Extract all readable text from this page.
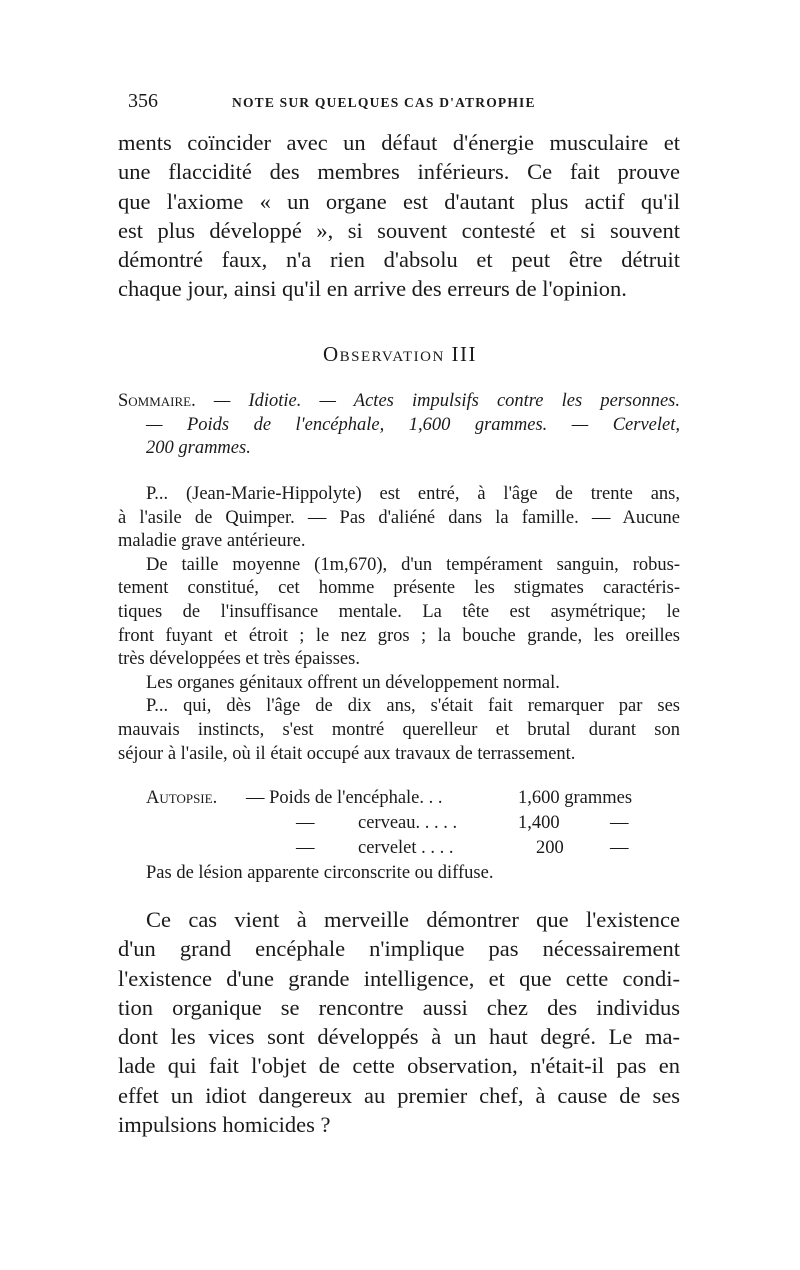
356	NOTE SUR QUELQUES CAS D'ATROPHIE
ments coïncider avec un défaut d'énergie musculaire et
une flaccidité des membres inférieurs. Ce fait prouve
que l'axiome « un organe est d'autant plus actif qu'il
est plus développé », si souvent contesté et si souvent
démontré faux, n'a rien d'absolu et peut être détruit
chaque jour, ainsi qu'il en arrive des erreurs de l'opinion.
Observation III
Sommaire. — Idiotie. — Actes impulsifs contre les personnes.
— Poids de l'encéphale, 1,600 grammes. — Cervelet,
200 grammes.
P... (Jean-Marie-Hippolyte) est entré, à l'âge de trente ans,
à l'asile de Quimper. — Pas d'aliéné dans la famille. — Aucune
maladie grave antérieure.
De taille moyenne (1m,670), d'un tempérament sanguin, robus-
tement constitué, cet homme présente les stigmates caractéris-
tiques de l'insuffisance mentale. La tête est asymétrique; le
front fuyant et étroit ; le nez gros ; la bouche grande, les oreilles
très développées et très épaisses.
Les organes génitaux offrent un développement normal.
P... qui, dès l'âge de dix ans, s'était fait remarquer par ses
mauvais instincts, s'est montré querelleur et brutal durant son
séjour à l'asile, où il était occupé aux travaux de terrassement.
Autopsie. — Poids de l'encéphale. . .	1,600 grammes
— cerveau. . . . .	1,400	—
— cervelet . . . .	200	—
Pas de lésion apparente circonscrite ou diffuse.
Ce cas vient à merveille démontrer que l'existence
d'un grand encéphale n'implique pas nécessairement
l'existence d'une grande intelligence, et que cette condi-
tion organique se rencontre aussi chez des individus
dont les vices sont développés à un haut degré. Le ma-
lade qui fait l'objet de cette observation, n'était-il pas en
effet un idiot dangereux au premier chef, à cause de ses
impulsions homicides ?
